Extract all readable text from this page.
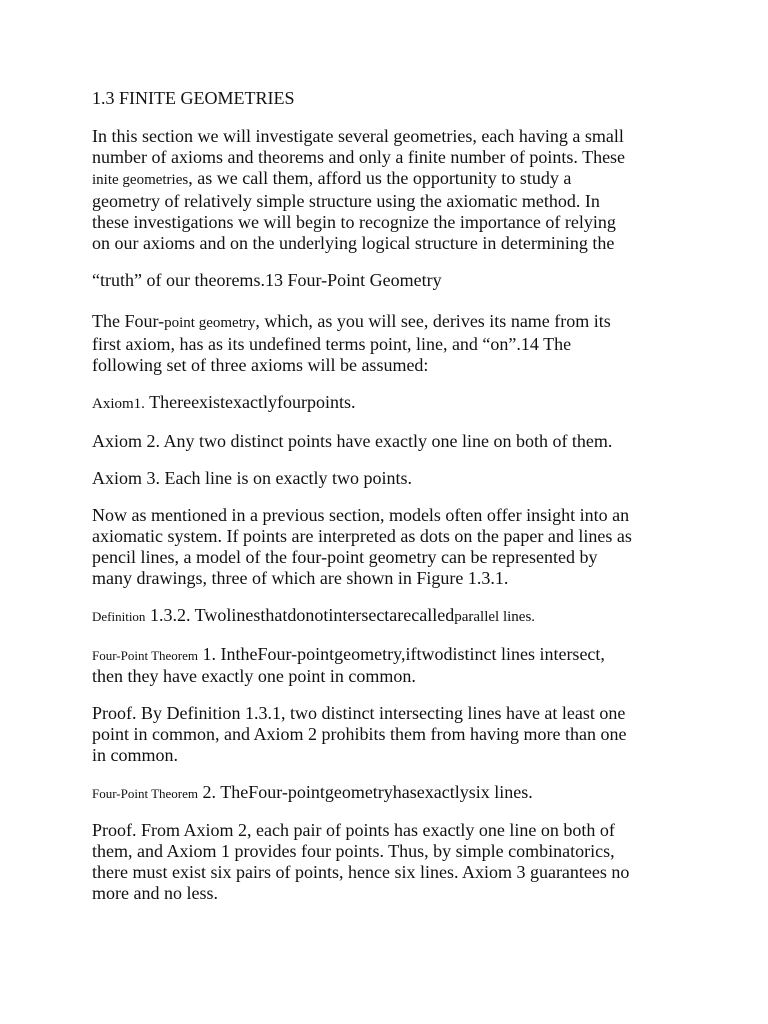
1.3 FINITE GEOMETRIES
In this section we will investigate several geometries, each having a small
number of axioms and theorems and only a finite number of points. These
inite geometries, as we call them, afford us the opportunity to study a
geometry of relatively simple structure using the axiomatic method. In
these investigations we will begin to recognize the importance of relying
on our axioms and on the underlying logical structure in determining the
“truth” of our theorems.13 Four-Point Geometry
The Four-point geometry, which, as you will see, derives its name from its
first axiom, has as its undefined terms point, line, and “on”.14 The
following set of three axioms will be assumed:
Axiom1. Thereexistexactlyfourpoints.
Axiom 2. Any two distinct points have exactly one line on both of them.
Axiom 3. Each line is on exactly two points.
Now as mentioned in a previous section, models often offer insight into an
axiomatic system. If points are interpreted as dots on the paper and lines as
pencil lines, a model of the four-point geometry can be represented by
many drawings, three of which are shown in Figure 1.3.1.
Definition 1.3.2. Twolinesthatdonotintersectarecalledparallel lines.
Four-Point Theorem 1. IntheFour-pointgeometry,iftwodistinct lines intersect,
then they have exactly one point in common.
Proof. By Definition 1.3.1, two distinct intersecting lines have at least one
point in common, and Axiom 2 prohibits them from having more than one
in common.
Four-Point Theorem 2. TheFour-pointgeometryhasexactlysix lines.
Proof. From Axiom 2, each pair of points has exactly one line on both of
them, and Axiom 1 provides four points. Thus, by simple combinatorics,
there must exist six pairs of points, hence six lines. Axiom 3 guarantees no
more and no less.
